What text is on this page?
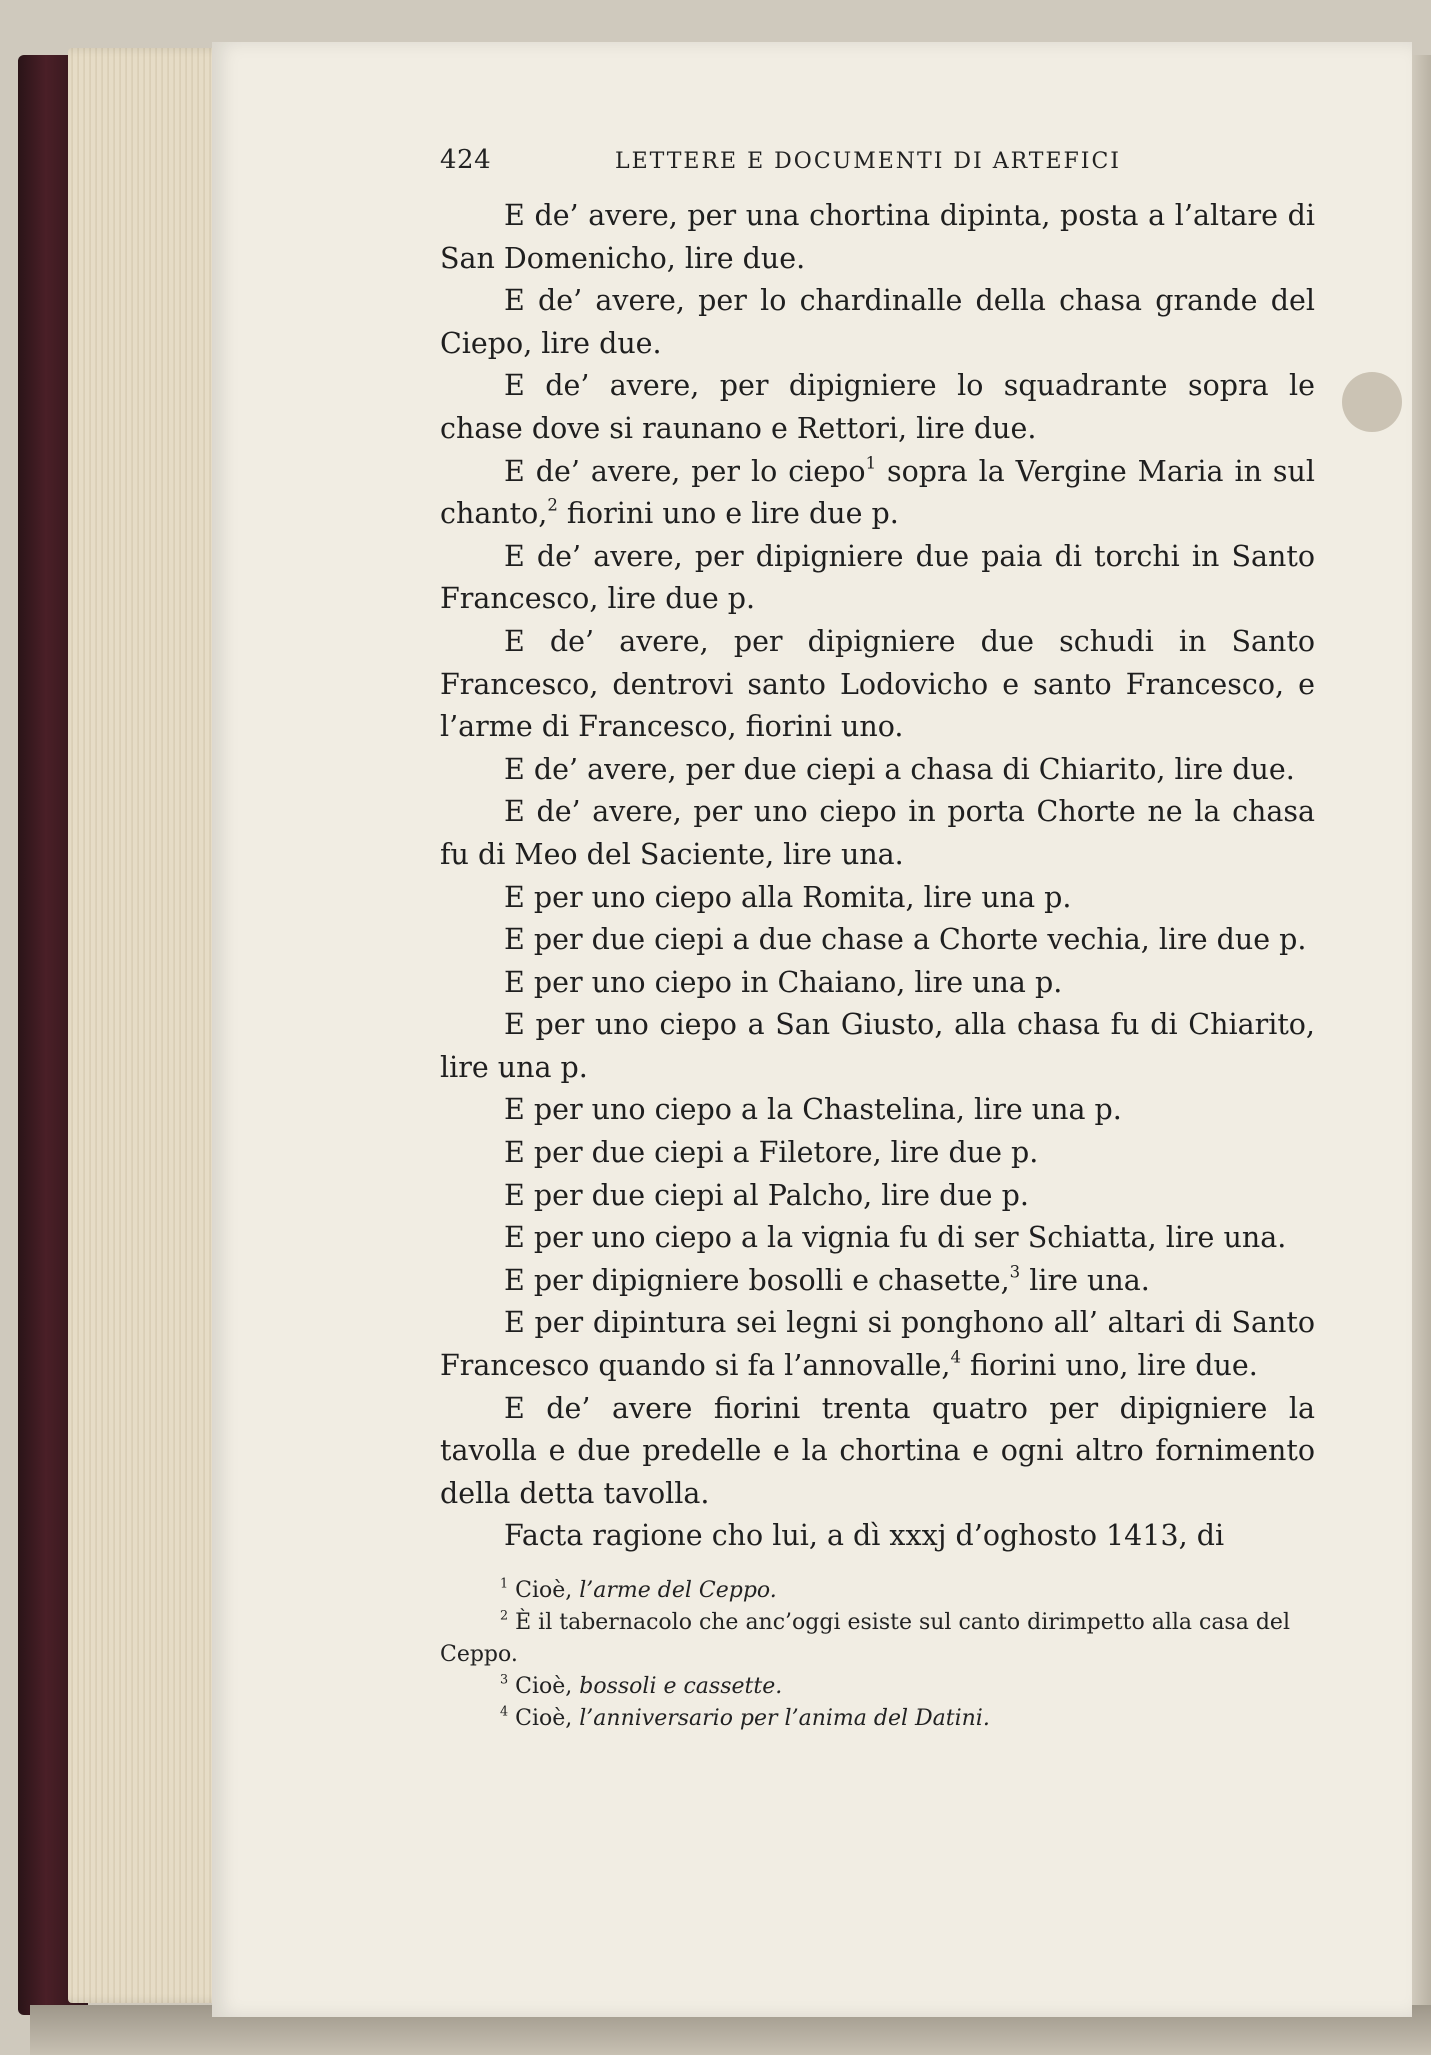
424	LETTERE E DOCUMENTI DI ARTEFICI

E de’ avere, per una chortina dipinta, posta a l’altare di San Domenicho, lire due.

E de’ avere, per lo chardinalle della chasa grande del Ciepo, lire due.

E de’ avere, per dipigniere lo squadrante sopra le chase dove si raunano e Rettori, lire due.

E de’ avere, per lo ciepo$^1$ sopra la Vergine Maria in sul chanto,$^2$ fiorini uno e lire due p.

E de’ avere, per dipigniere due paia di torchi in Santo Francesco, lire due p.

E de’ avere, per dipigniere due schudi in Santo Francesco, dentrovi santo Lodovicho e santo Francesco, e l’arme di Francesco, fiorini uno.

E de’ avere, per due ciepi a chasa di Chiarito, lire due.

E de’ avere, per uno ciepo in porta Chorte ne la chasa fu di Meo del Saciente, lire una.

E per uno ciepo alla Romita, lire una p.

E per due ciepi a due chase a Chorte vechia, lire due p.

E per uno ciepo in Chaiano, lire una p.

E per uno ciepo a San Giusto, alla chasa fu di Chiarito, lire una p.

E per uno ciepo a la Chastelina, lire una p.

E per due ciepi a Filetore, lire due p.

E per due ciepi al Palcho, lire due p.

E per uno ciepo a la vignia fu di ser Schiatta, lire una.

E per dipigniere bosolli e chasette,$^3$ lire una.

E per dipintura sei legni si ponghono all’ altari di Santo Francesco quando si fa l’annovalle,$^4$ fiorini uno, lire due.

E de’ avere fiorini trenta quatro per dipigniere la tavolla e due predelle e la chortina e ogni altro fornimento della detta tavolla.

Facta ragione cho lui, a dì xxxj d’oghosto 1413, di

$^1$ Cioè, l’arme del Ceppo.

$^2$ È il tabernacolo che anc’oggi esiste sul canto dirimpetto alla casa del Ceppo.

$^3$ Cioè, bossoli e cassette.

$^4$ Cioè, l’anniversario per l’anima del Datini.
